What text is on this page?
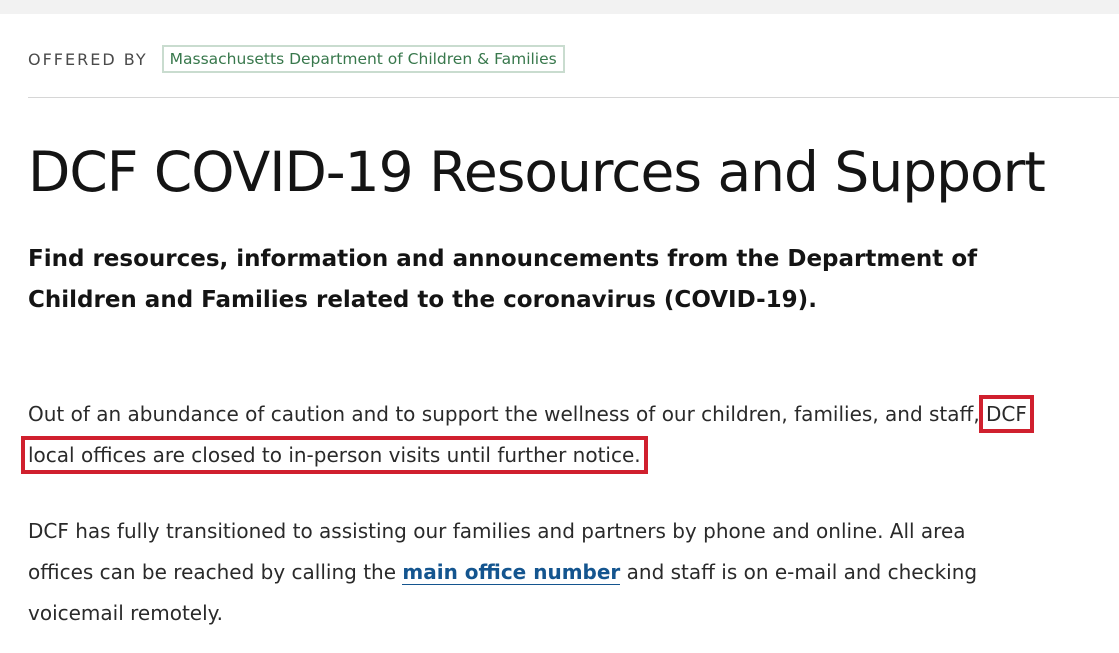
OFFERED BY	Massachusetts Department of Children & Families
DCF COVID-19 Resources and Support

Find resources, information and announcements from the Department of Children and Families related to the coronavirus (COVID-19).

Out of an abundance of caution and to support the wellness of our children, families, and staff, DCF local offices are closed to in-person visits until further notice.

DCF has fully transitioned to assisting our families and partners by phone and online. All area offices can be reached by calling the main office number and staff is on e-mail and checking voicemail remotely.
